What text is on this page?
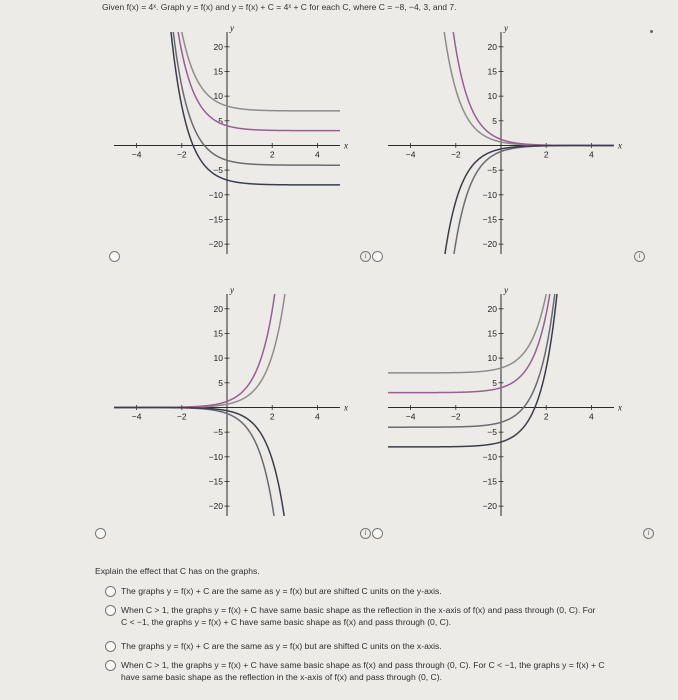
Given f(x) = 4ˣ. Graph y = f(x) and y = f(x) + C = 4ˣ + C for each C, where C = −8, −4, 3, and 7.
x
y
−4	−2	2	4
20
15
10
5
−5
−10
−15
−20
x
y
−4	−2	2	4
20
15
10
5
−5
−10
−15
−20
x
y
−4	−2	2	4
20
15
10
5
−5
−10
−15
−20
x
y
−4	−2	2	4
20
15
10
5
−5
−10
−15
−20
i	i
i	i
Explain the effect that C has on the graphs.
The graphs y = f(x) + C are the same as y = f(x) but are shifted C units on the y-axis.
When C > 1, the graphs y = f(x) + C have same basic shape as the reflection in the x-axis of f(x) and pass through (0, C). For
C < −1, the graphs y = f(x) + C have same basic shape as f(x) and pass through (0, C).
The graphs y = f(x) + C are the same as y = f(x) but are shifted C units on the x-axis.
When C > 1, the graphs y = f(x) + C have same basic shape as f(x) and pass through (0, C). For C < −1, the graphs y = f(x) + C
have same basic shape as the reflection in the x-axis of f(x) and pass through (0, C).
